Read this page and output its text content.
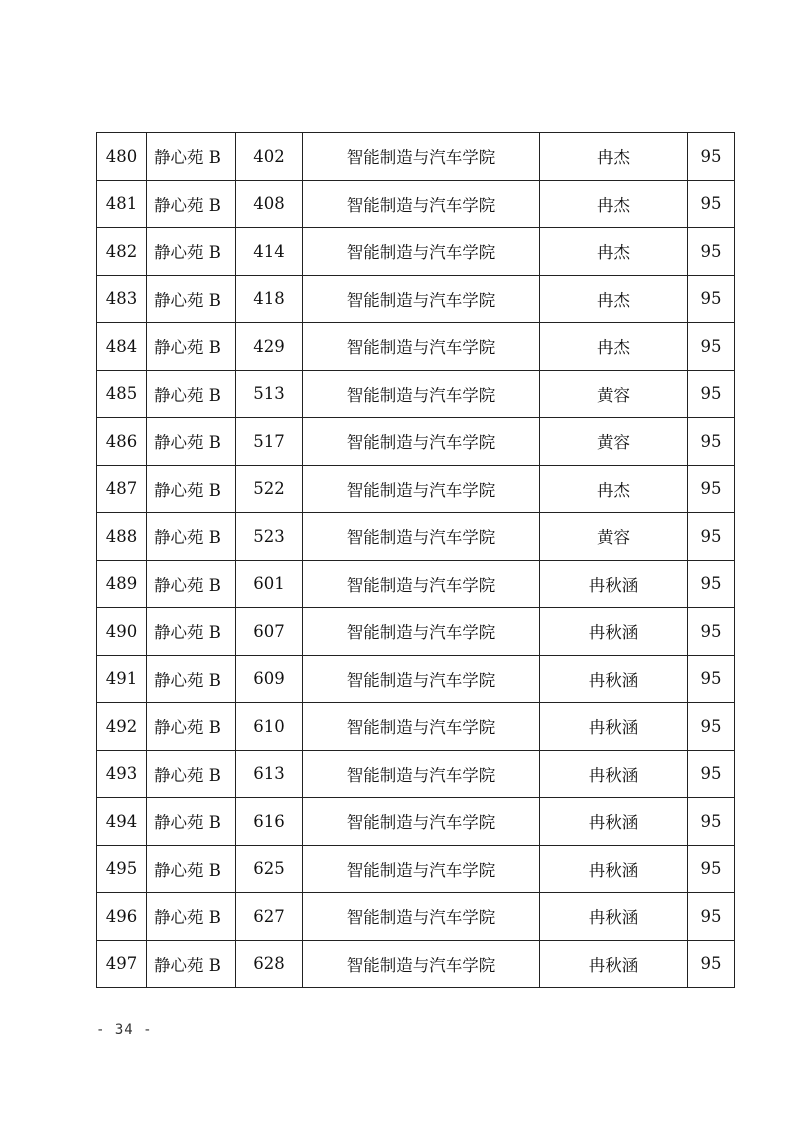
480	静心苑 B	402	智能制造与汽车学院	冉杰	95
481	静心苑 B	408	智能制造与汽车学院	冉杰	95
482	静心苑 B	414	智能制造与汽车学院	冉杰	95
483	静心苑 B	418	智能制造与汽车学院	冉杰	95
484	静心苑 B	429	智能制造与汽车学院	冉杰	95
485	静心苑 B	513	智能制造与汽车学院	黄容	95
486	静心苑 B	517	智能制造与汽车学院	黄容	95
487	静心苑 B	522	智能制造与汽车学院	冉杰	95
488	静心苑 B	523	智能制造与汽车学院	黄容	95
489	静心苑 B	601	智能制造与汽车学院	冉秋涵	95
490	静心苑 B	607	智能制造与汽车学院	冉秋涵	95
491	静心苑 B	609	智能制造与汽车学院	冉秋涵	95
492	静心苑 B	610	智能制造与汽车学院	冉秋涵	95
493	静心苑 B	613	智能制造与汽车学院	冉秋涵	95
494	静心苑 B	616	智能制造与汽车学院	冉秋涵	95
495	静心苑 B	625	智能制造与汽车学院	冉秋涵	95
496	静心苑 B	627	智能制造与汽车学院	冉秋涵	95
497	静心苑 B	628	智能制造与汽车学院	冉秋涵	95
- 34 -
